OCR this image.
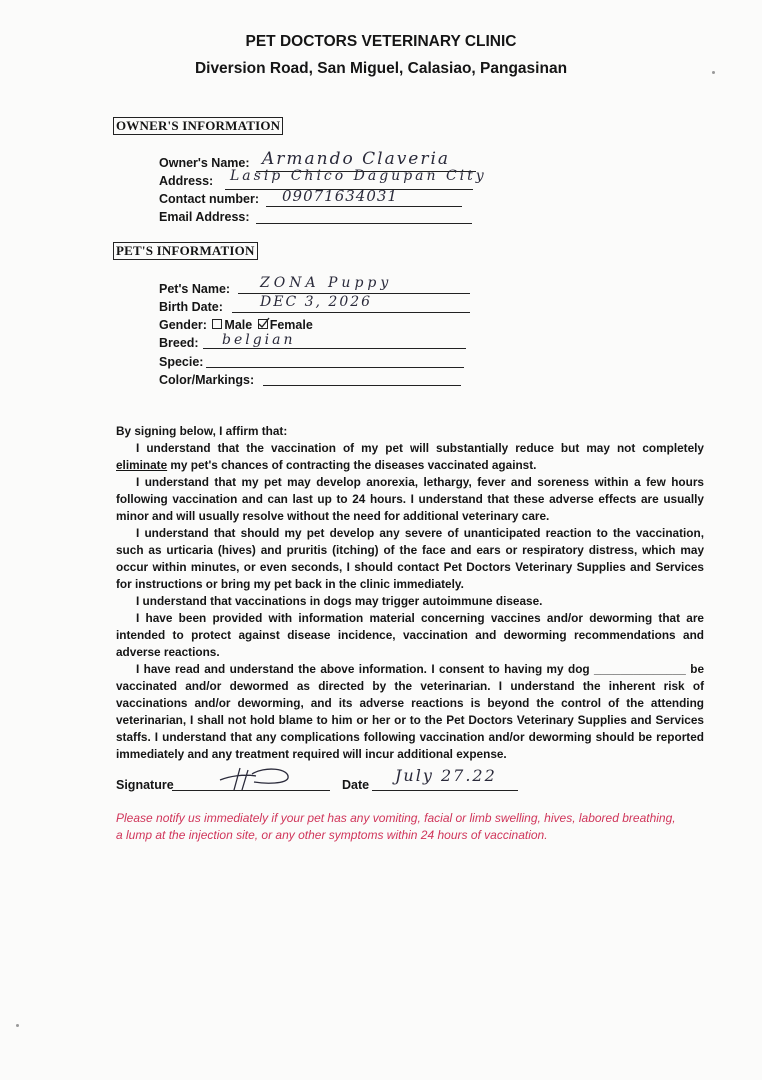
PET DOCTORS VETERINARY CLINIC
Diversion Road, San Miguel, Calasiao, Pangasinan
OWNER'S INFORMATION
Owner's Name: Armando Claveria
Address: Lasip Chico Dagupan City
Contact number: 09071634031
Email Address:
PET'S INFORMATION
Pet's Name: ZONA Puppy
Birth Date:	DEC 3, 2026
Gender: Male Female
Breed: belgian
Specie:
Color/Markings:

By signing below, I affirm that:

I understand that the vaccination of my pet will substantially reduce but may not completely eliminate my pet's chances of contracting the diseases vaccinated against.

I understand that my pet may develop anorexia, lethargy, fever and soreness within a few hours following vaccination and can last up to 24 hours. I understand that these adverse effects are usually minor and will usually resolve without the need for additional veterinary care.

I understand that should my pet develop any severe of unanticipated reaction to the vaccination, such as urticaria (hives) and pruritis (itching) of the face and ears or respiratory distress, which may occur within minutes, or even seconds, I should contact Pet Doctors Veterinary Supplies and Services for instructions or bring my pet back in the clinic immediately.

I understand that vaccinations in dogs may trigger autoimmune disease.

I have been provided with information material concerning vaccines and/or deworming that are intended to protect against disease incidence, vaccination and deworming recommendations and adverse reactions.

I have read and understand the above information. I consent to having my dog ______________ be vaccinated and/or dewormed as directed by the veterinarian. I understand the inherent risk of vaccinations and/or deworming, and its adverse reactions is beyond the control of the attending veterinarian, I shall not hold blame to him or her or to the Pet Doctors Veterinary Supplies and Services staffs. I understand that any complications following vaccination and/or deworming should be reported immediately and any treatment required will incur additional expense.

Signature	Date July 27.22
Please notify us immediately if your pet has any vomiting, facial or limb swelling, hives, labored breathing, a lump at the injection site, or any other symptoms within 24 hours of vaccination.
